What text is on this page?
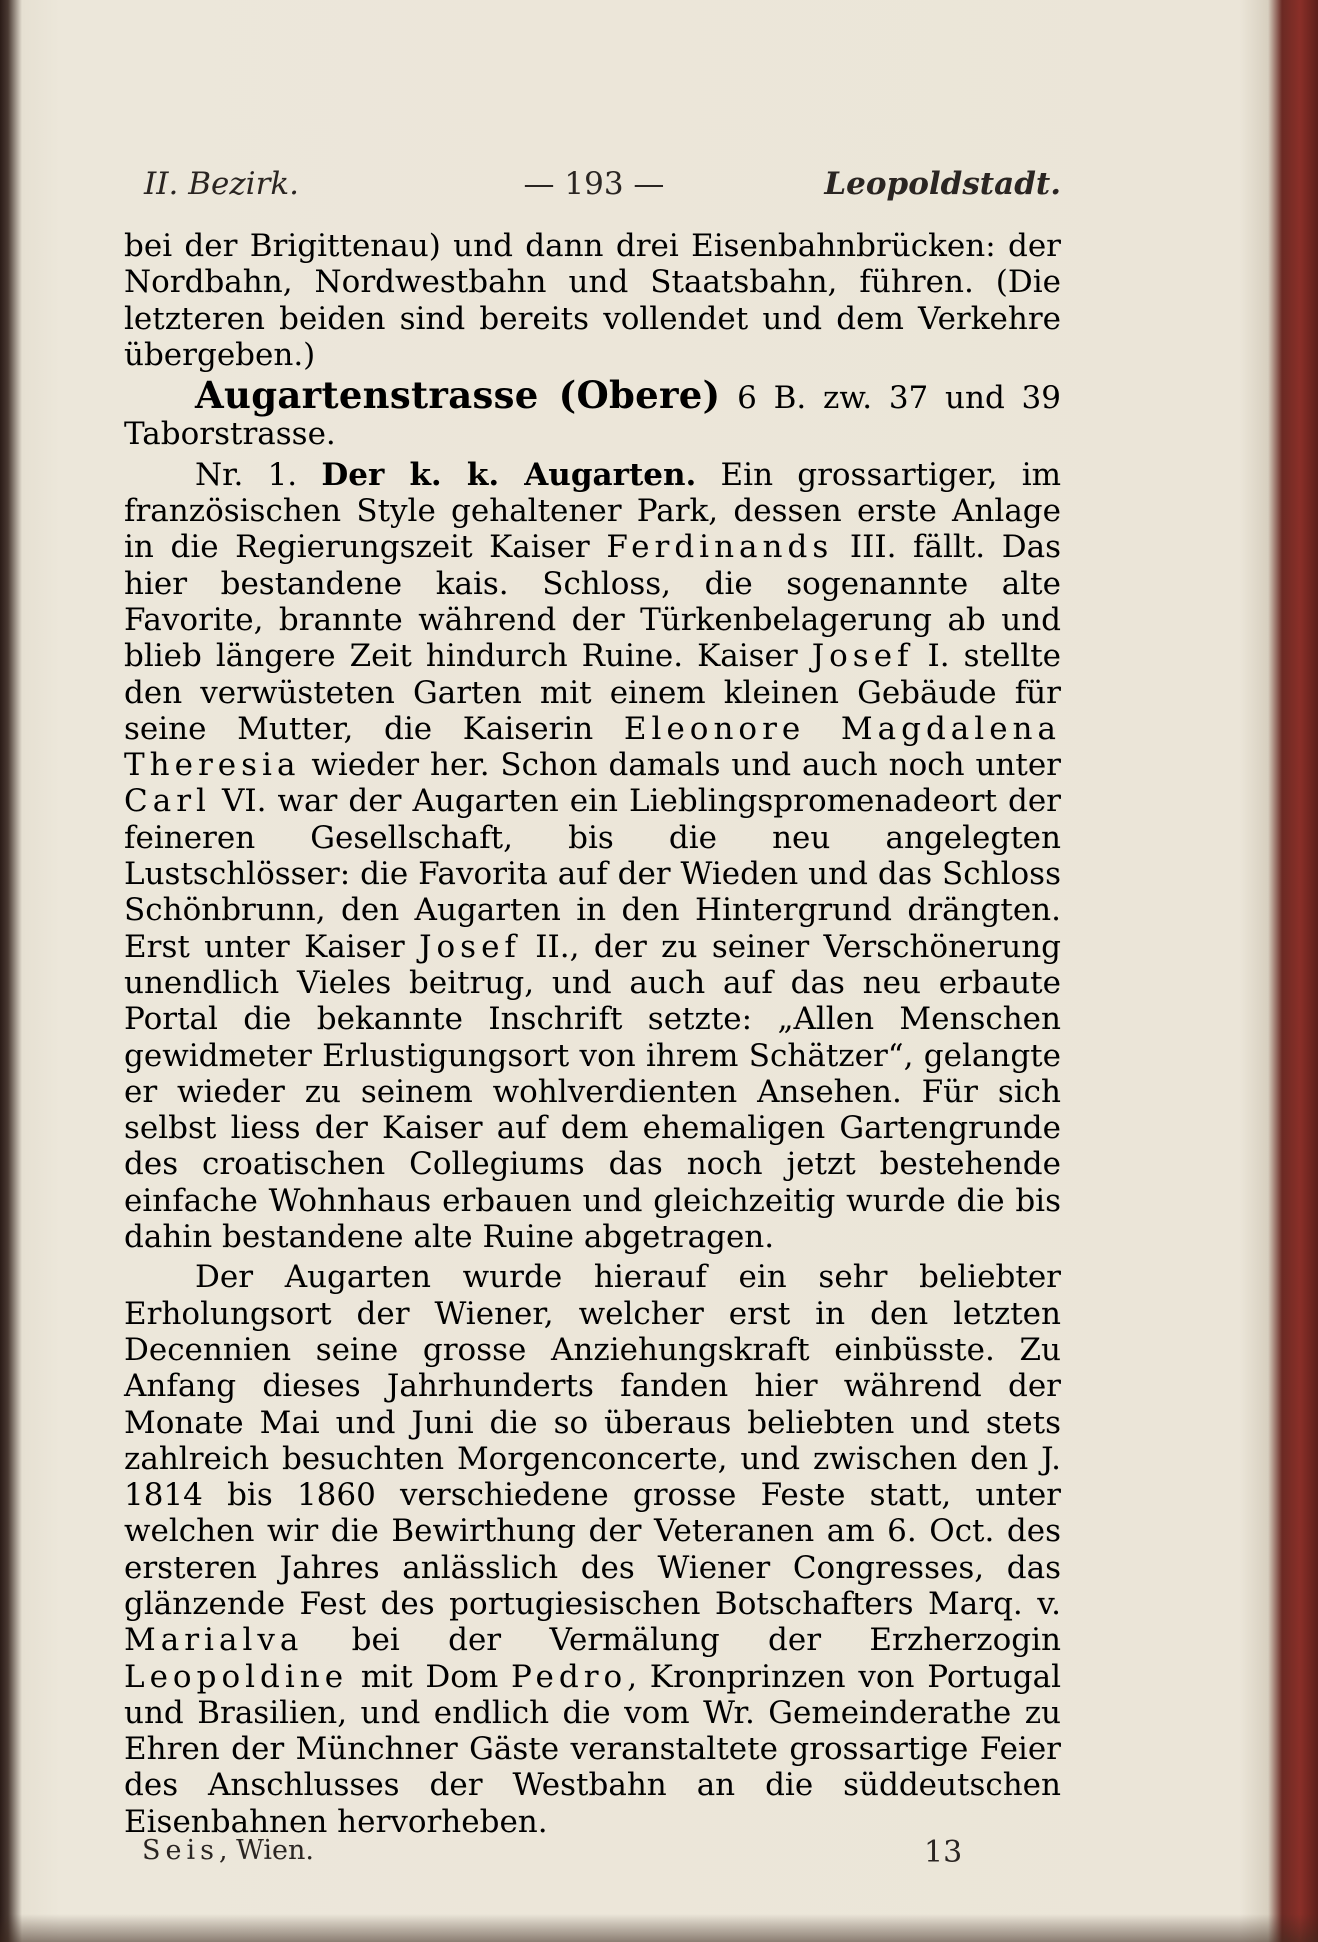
II. Bezirk.	— 193 —	Leopoldstadt.

bei der Brigittenau) und dann drei Eisenbahnbrücken: der Nordbahn, Nordwestbahn und Staatsbahn, führen. (Die letzteren beiden sind bereits vollendet und dem Verkehre übergeben.)

Augartenstrasse (Obere) 6 B. zw. 37 und 39 Taborstrasse.

Nr. 1. Der k. k. Augarten. Ein grossartiger, im französischen Style gehaltener Park, dessen erste Anlage in die Regierungszeit Kaiser Ferdinands III. fällt. Das hier bestandene kais. Schloss, die sogenannte alte Favorite, brannte während der Türkenbelagerung ab und blieb längere Zeit hindurch Ruine. Kaiser Josef I. stellte den verwüsteten Garten mit einem kleinen Gebäude für seine Mutter, die Kaiserin Eleonore Magdalena Theresia wieder her. Schon damals und auch noch unter Carl VI. war der Augarten ein Lieblingspromenadeort der feineren Gesellschaft, bis die neu angelegten Lustschlösser: die Favorita auf der Wieden und das Schloss Schönbrunn, den Augarten in den Hintergrund drängten. Erst unter Kaiser Josef II., der zu seiner Verschönerung unendlich Vieles beitrug, und auch auf das neu erbaute Portal die bekannte Inschrift setzte: „Allen Menschen gewidmeter Erlustigungsort von ihrem Schätzer“, gelangte er wieder zu seinem wohlverdienten Ansehen. Für sich selbst liess der Kaiser auf dem ehemaligen Gartengrunde des croatischen Collegiums das noch jetzt bestehende einfache Wohnhaus erbauen und gleichzeitig wurde die bis dahin bestandene alte Ruine abgetragen.

Der Augarten wurde hierauf ein sehr beliebter Erholungsort der Wiener, welcher erst in den letzten Decennien seine grosse Anziehungskraft einbüsste. Zu Anfang dieses Jahrhunderts fanden hier während der Monate Mai und Juni die so überaus beliebten und stets zahlreich besuchten Morgenconcerte, und zwischen den J. 1814 bis 1860 verschiedene grosse Feste statt, unter welchen wir die Bewirthung der Veteranen am 6. Oct. des ersteren Jahres anlässlich des Wiener Congresses, das glänzende Fest des portugiesischen Botschafters Marq. v. Marialva bei der Vermälung der Erzherzogin Leopoldine mit Dom Pedro, Kronprinzen von Portugal und Brasilien, und endlich die vom Wr. Gemeinderathe zu Ehren der Münchner Gäste veranstaltete grossartige Feier des Anschlusses der Westbahn an die süddeutschen Eisenbahnen hervorheben.

Seis, Wien.	13
